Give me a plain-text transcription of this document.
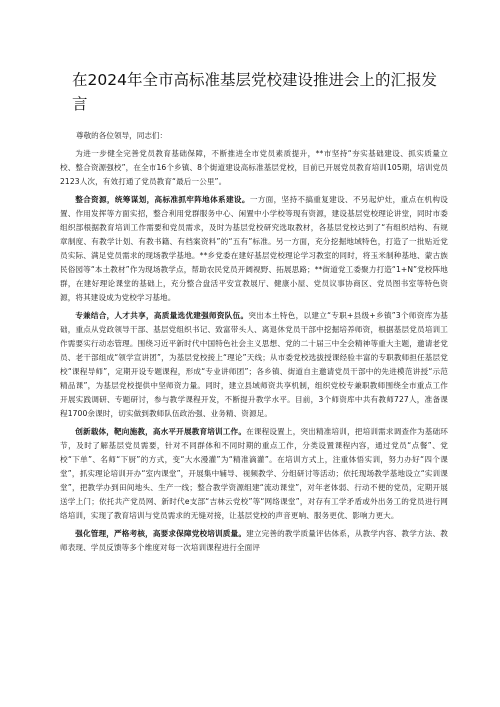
在2024年全市高标准基层党校建设推进会上的汇报发言

尊敬的各位领导，同志们：

为进一步健全完善党员教育基础保障，不断推进全市党员素质提升，**市坚持“夯实基础建设、抓实质量立校、整合资源强校”，在全市16个乡镇、8个街道建设高标准基层党校，目前已开展党员教育培训105期，培训党员2123人次，有效打通了党员教育“最后一公里”。

整合资源，统筹谋划，高标准抓牢阵地体系建设。一方面，坚持不搞重复建设、不另起炉灶，重点在机构设置、作用发挥等方面实招，整合利用党群服务中心、闲置中小学校等现有资源，建设基层党校理论讲堂，同时市委组织部根据教育培训工作需要和党员需求，及时为基层党校研究选取教材，各基层党校达到了“有组织结构、有规章制度、有教学计划、有教书籍、有档案资料”的“五有”标准。另一方面，充分挖掘地域特色，打造了一批贴近党员实际、满足党员需求的现场教学基地。**乡党委在建好基层党校理论学习教室的同时，将玉米制种基地、蒙古族民俗园等“本土教材”作为现场教学点，帮助农民党员开阔视野、拓展思路；**街道党工委聚力打造“1+N”党校阵地群，在建好理论课堂的基础上，充分整合盘活平安宣教展厅、健康小屋、党员议事协商区、党员图书室等特色资源，将其建设成为党校学习基地。

专兼结合，人才共享，高质量选优建强师资队伍。突出本土特色，以建立“专职+县级+乡镇”3个师资库为基础，重点从党政领导干部、基层党组织书记、致富带头人、离退休党员干部中挖掘培养师资，根据基层党员培训工作需要实行动态管理。围绕习近平新时代中国特色社会主义思想、党的二十届三中全会精神等重大主题，邀请老党员、老干部组成“领学宣讲团”，为基层党校接上“理论”天线；从市委党校选拔授课经验丰富的专职教师担任基层党校“课程导师”，定期开设专题课程，形成“专业讲师团”；各乡镇、街道自主邀请党员干部中的先进模范讲授“示范精品课”，为基层党校提供中坚师资力量。同时，建立县域师资共享机制，组织党校专兼职教师围绕全市重点工作开展实践调研、专题研讨，参与教学课程开发，不断提升教学水平。目前，3个师资库中共有教师727人，准备课程1700余课时，切实做到教师队伍政治强、业务精、资源足。

创新载体，靶向施教，高水平开展教育培训工作。在课程设置上，突出精准培训，把培训需求调查作为基础环节，及时了解基层党员需要，针对不同群体和不同时期的重点工作，分类设置课程内容，通过党员“点餐”、党校“下单”、名师“下厨”的方式，变“大水漫灌”为“精准滴灌”。在培训方式上，注重体悟实训，努力办好“四个课堂”，抓实理论培训开办“室内课堂”，开展集中辅导、视频教学、分组研讨等活动；依托现场教学基地设立“实训课堂”，把教学办到田间地头、生产一线；整合教学资源组建“流动课堂”，对年老体弱、行动不便的党员，定期开展送学上门；依托共产党员网、新时代e支部“吉林云党校”等“网络课堂”，对存有工学矛盾或外出务工的党员进行网络培训，实现了教育培训与党员需求的无缝对接，让基层党校的声音更响、服务更优、影响力更大。

强化管理，严格考核，高要求保障党校培训质量。建立完善的教学质量评估体系，从教学内容、教学方法、教师表现、学员反馈等多个维度对每一次培训课程进行全面评
